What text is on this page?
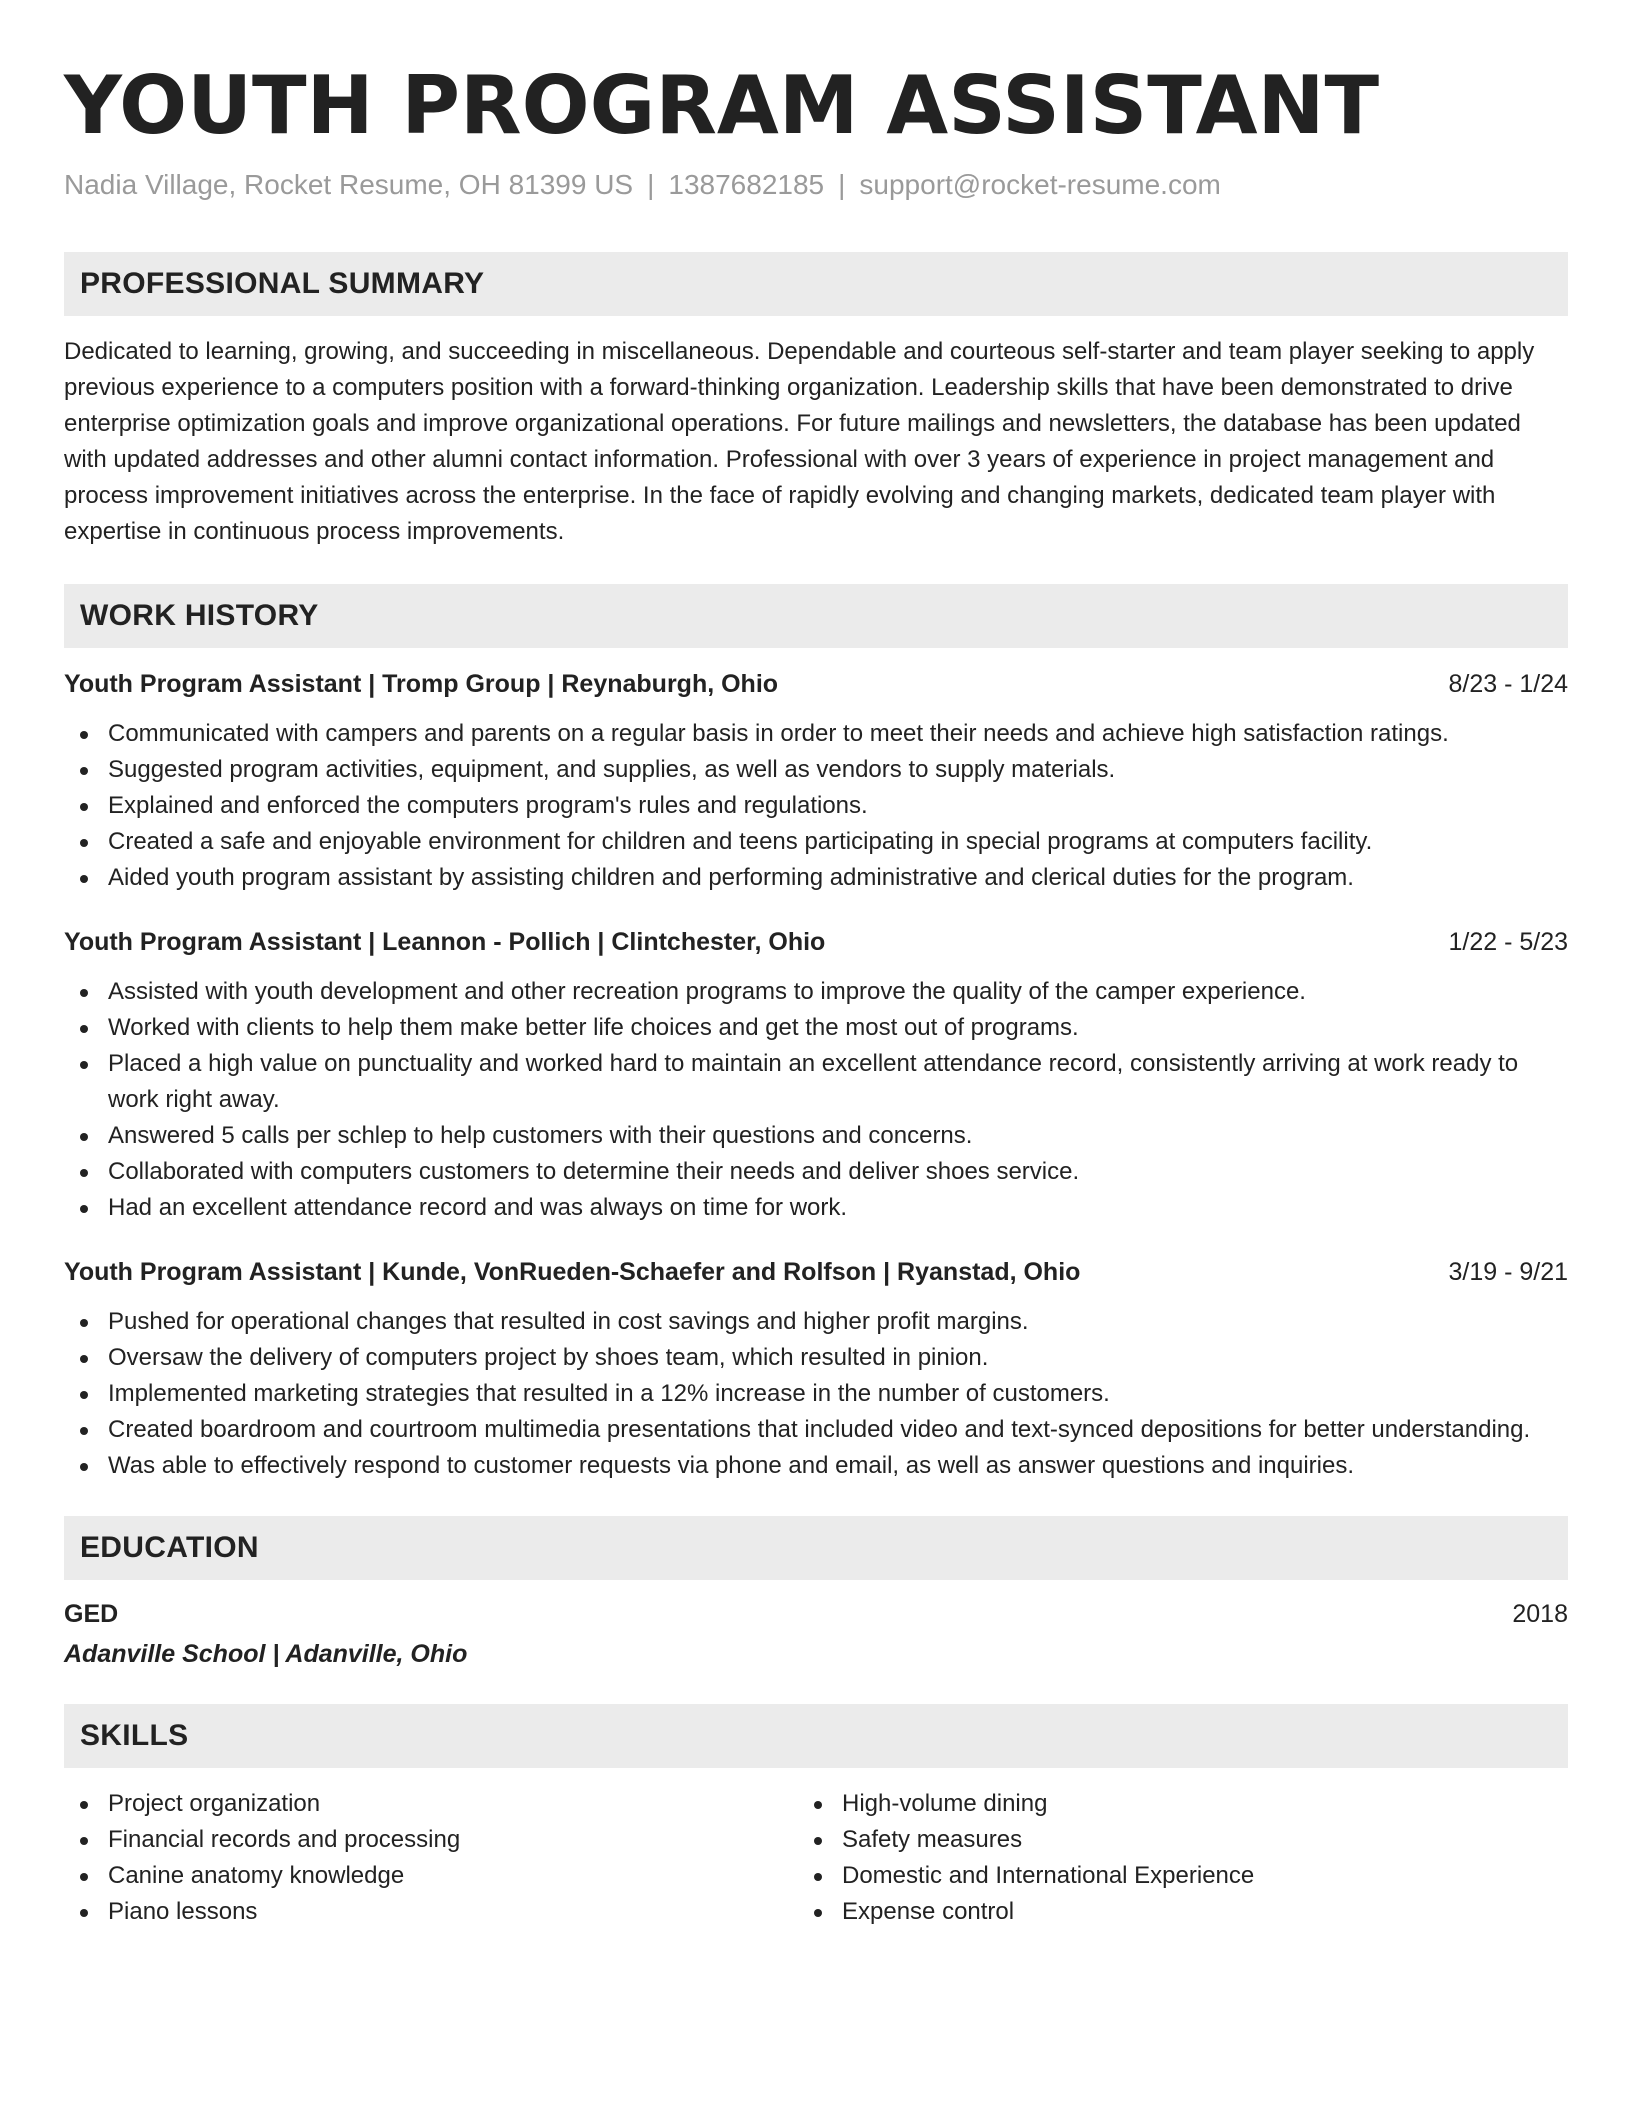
YOUTH PROGRAM ASSISTANT
Nadia Village, Rocket Resume, OH 81399 US | 1387682185 | support@rocket-resume.com
PROFESSIONAL SUMMARY

Dedicated to learning, growing, and succeeding in miscellaneous. Dependable and courteous self-starter and team player seeking to apply previous experience to a computers position with a forward-thinking organization. Leadership skills that have been demonstrated to drive enterprise optimization goals and improve organizational operations. For future mailings and newsletters, the database has been updated with updated addresses and other alumni contact information. Professional with over 3 years of experience in project management and process improvement initiatives across the enterprise. In the face of rapidly evolving and changing markets, dedicated team player with expertise in continuous process improvements.

WORK HISTORY
Youth Program Assistant | Tromp Group | Reynaburgh, Ohio	8/23 - 1/24
Communicated with campers and parents on a regular basis in order to meet their needs and achieve high satisfaction ratings.
Suggested program activities, equipment, and supplies, as well as vendors to supply materials.
Explained and enforced the computers program's rules and regulations.
Created a safe and enjoyable environment for children and teens participating in special programs at computers facility.
Aided youth program assistant by assisting children and performing administrative and clerical duties for the program.
Youth Program Assistant | Leannon - Pollich | Clintchester, Ohio	1/22 - 5/23
Assisted with youth development and other recreation programs to improve the quality of the camper experience.
Worked with clients to help them make better life choices and get the most out of programs.
Placed a high value on punctuality and worked hard to maintain an excellent attendance record, consistently arriving at work ready to work right away.
Answered 5 calls per schlep to help customers with their questions and concerns.
Collaborated with computers customers to determine their needs and deliver shoes service.
Had an excellent attendance record and was always on time for work.
Youth Program Assistant | Kunde, VonRueden-Schaefer and Rolfson | Ryanstad, Ohio	3/19 - 9/21
Pushed for operational changes that resulted in cost savings and higher profit margins.
Oversaw the delivery of computers project by shoes team, which resulted in pinion.
Implemented marketing strategies that resulted in a 12% increase in the number of customers.
Created boardroom and courtroom multimedia presentations that included video and text-synced depositions for better understanding.
Was able to effectively respond to customer requests via phone and email, as well as answer questions and inquiries.
EDUCATION
GED	2018
Adanville School | Adanville, Ohio
SKILLS
Project organization
Financial records and processing
Canine anatomy knowledge
Piano lessons
High-volume dining
Safety measures
Domestic and International Experience
Expense control
